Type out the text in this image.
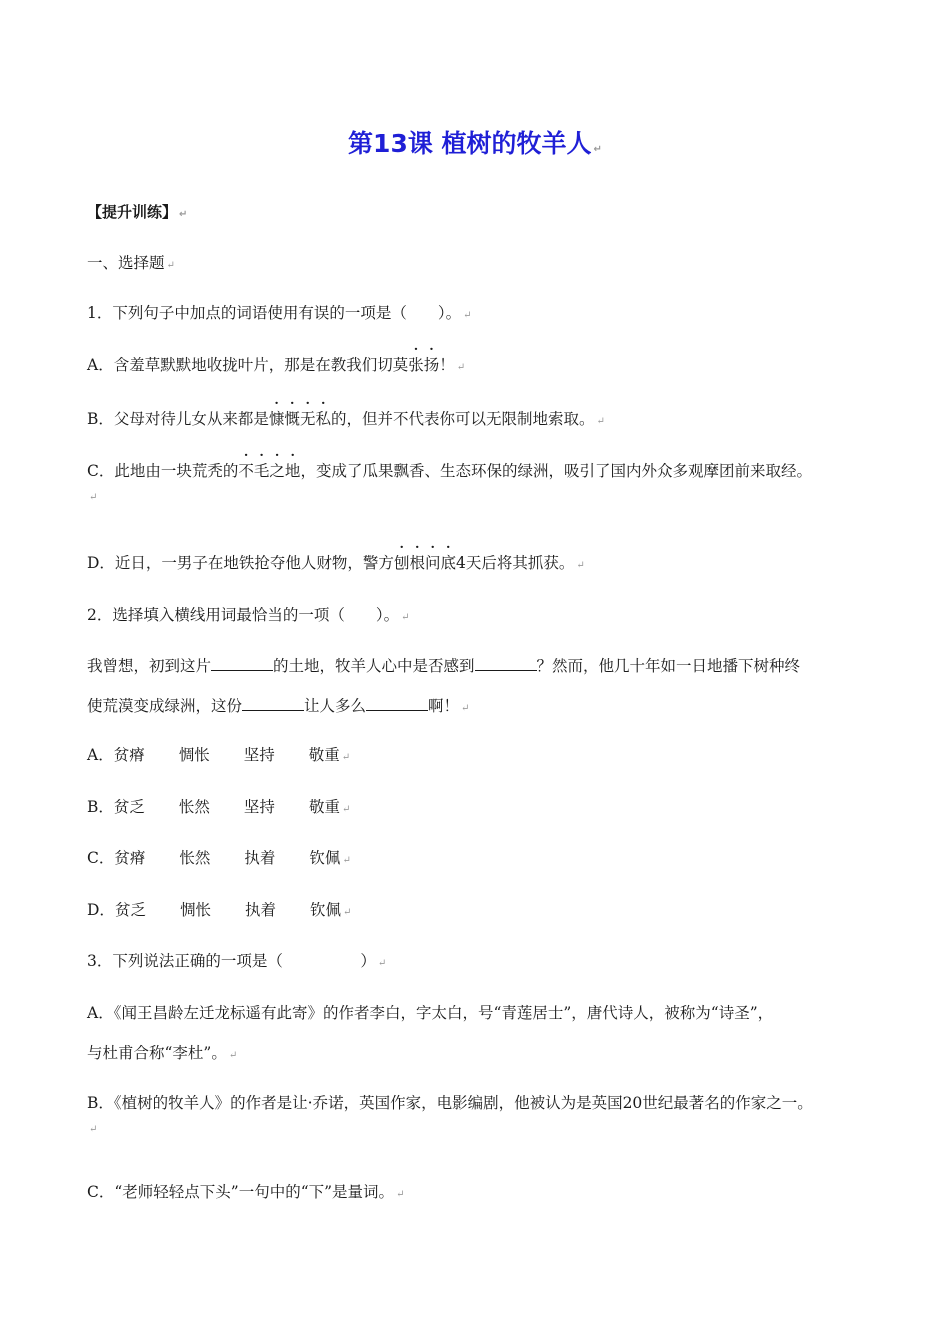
第13课 植树的牧羊人 ↵
【提升训练】 ↵
一、选择题 ↵
1．下列句子中加点的词语使用有误的一项是（　　）。 ↵
A．含羞草默默地收拢叶片，那是在教我们切莫张扬！ ↵
B．父母对待儿女从来都是慷慨无私的，但并不代表你可以无限制地索取。 ↵
C．此地由一块荒秃的不毛之地，变成了瓜果飘香、生态环保的绿洲，吸引了国内外众多观摩团前来取经。
↵
D．近日，一男子在地铁抢夺他人财物，警方刨根问底4天后将其抓获。 ↵
2．选择填入横线用词最恰当的一项（　　）。 ↵
我曾想，初到这片	的土地，牧羊人心中是否感到	？然而，他几十年如一日地播下树种终
使荒漠变成绿洲，这份	让人多么	啊！ ↵
A．贫瘠 惆怅 坚持 敬重 ↵
B．贫乏 怅然 坚持 敬重 ↵
C．贫瘠 怅然 执着 钦佩 ↵
D．贫乏 惆怅 执着 钦佩 ↵
3．下列说法正确的一项是（　　　　　） ↵
A．《闻王昌龄左迁龙标遥有此寄》的作者李白，字太白，号“青莲居士”，唐代诗人，被称为“诗圣”，
与杜甫合称“李杜”。 ↵
B．《植树的牧羊人》的作者是让·乔诺，英国作家，电影编剧，他被认为是英国20世纪最著名的作家之一。
↵
C．“老师轻轻点下头”一句中的“下”是量词。 ↵
